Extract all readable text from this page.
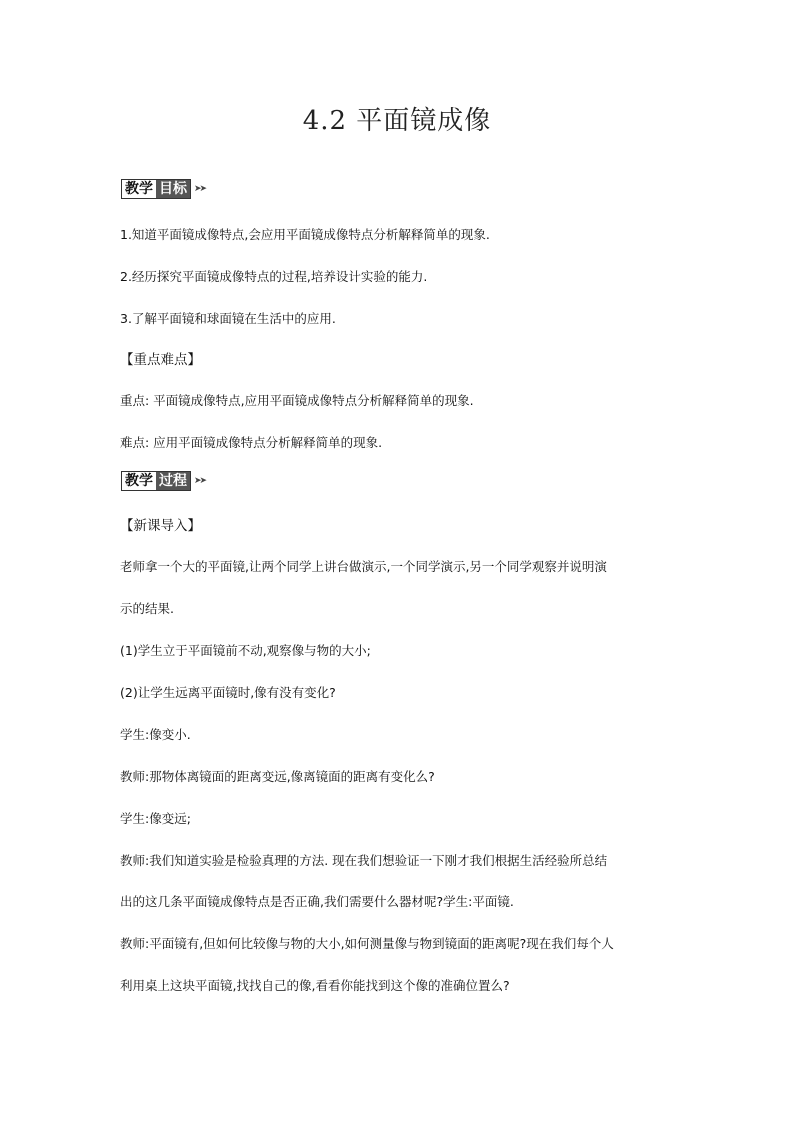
4.2 平面镜成像
教学 目标 ➤➤
1.知道平面镜成像特点,会应用平面镜成像特点分析解释简单的现象.
2.经历探究平面镜成像特点的过程,培养设计实验的能力.
3.了解平面镜和球面镜在生活中的应用.
【重点难点】
重点: 平面镜成像特点,应用平面镜成像特点分析解释简单的现象.
难点: 应用平面镜成像特点分析解释简单的现象.
教学 过程 ➤➤
【新课导入】
老师拿一个大的平面镜,让两个同学上讲台做演示,一个同学演示,另一个同学观察并说明演
示的结果.
(1)学生立于平面镜前不动,观察像与物的大小;
(2)让学生远离平面镜时,像有没有变化?
学生:像变小.
教师:那物体离镜面的距离变远,像离镜面的距离有变化么?
学生:像变远;
教师:我们知道实验是检验真理的方法. 现在我们想验证一下刚才我们根据生活经验所总结
出的这几条平面镜成像特点是否正确,我们需要什么器材呢?学生:平面镜.
教师:平面镜有,但如何比较像与物的大小,如何测量像与物到镜面的距离呢?现在我们每个人
利用桌上这块平面镜,找找自己的像,看看你能找到这个像的准确位置么?
